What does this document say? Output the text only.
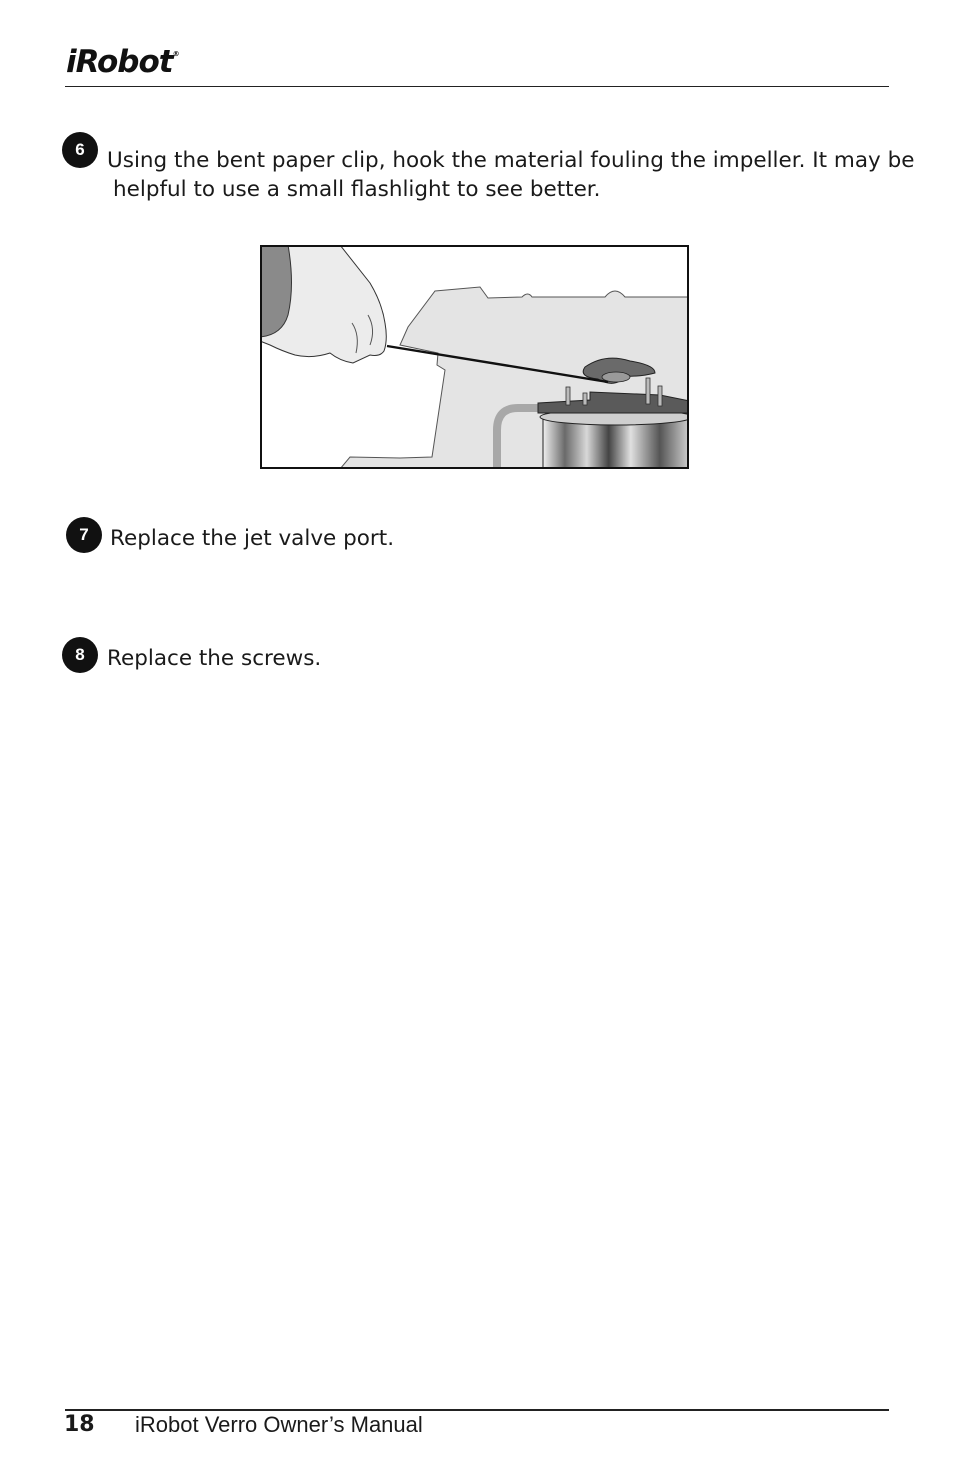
iRobot®
6 Using the bent paper clip, hook the material fouling the impeller. It may be
helpful to use a small flashlight to see better.
7 Replace the jet valve port.
8 Replace the screws.
18 iRobot Verro Owner’s Manual
